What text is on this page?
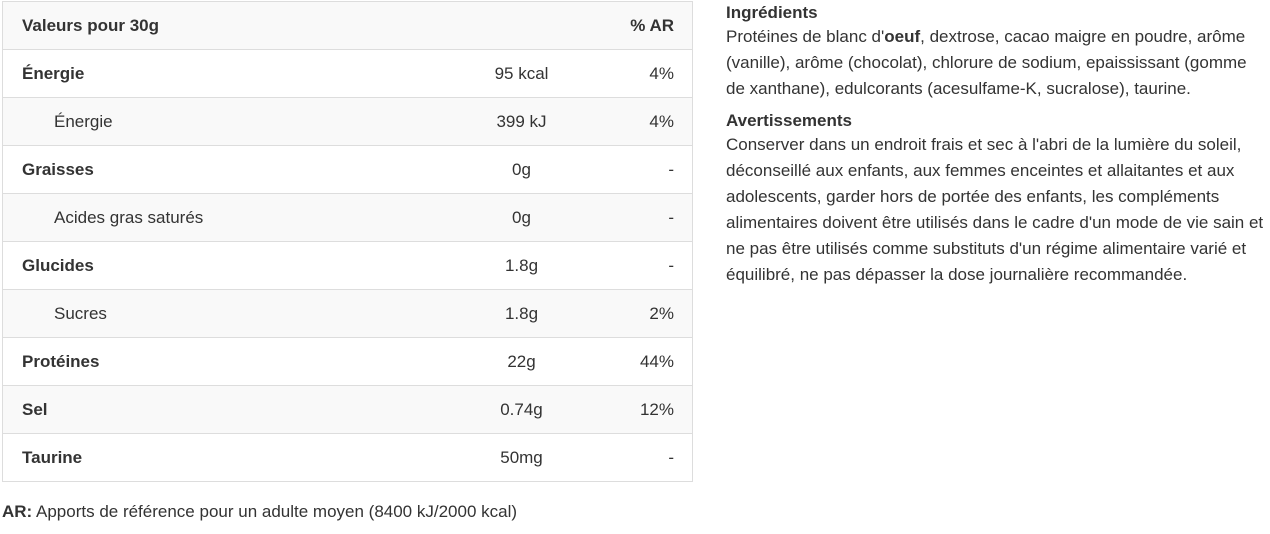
Valeurs pour 30g		% AR
Énergie	95 kcal	4%
Énergie	399 kJ	4%
Graisses	0g	-
Acides gras saturés	0g	-
Glucides	1.8g	-
Sucres	1.8g	2%
Protéines	22g	44%
Sel	0.74g	12%
Taurine	50mg	-

AR: Apports de référence pour un adulte moyen (8400 kJ/2000 kcal)

Ingrédients

Protéines de blanc d'oeuf, dextrose, cacao maigre en poudre, arôme (vanille), arôme (chocolat), chlorure de sodium, epaississant (gomme de xanthane), edulcorants (acesulfame-K, sucralose), taurine.

Avertissements

Conserver dans un endroit frais et sec à l'abri de la lumière du soleil, déconseillé aux enfants, aux femmes enceintes et allaitantes et aux adolescents, garder hors de portée des enfants, les compléments alimentaires doivent être utilisés dans le cadre d'un mode de vie sain et ne pas être utilisés comme substituts d'un régime alimentaire varié et équilibré, ne pas dépasser la dose journalière recommandée.
